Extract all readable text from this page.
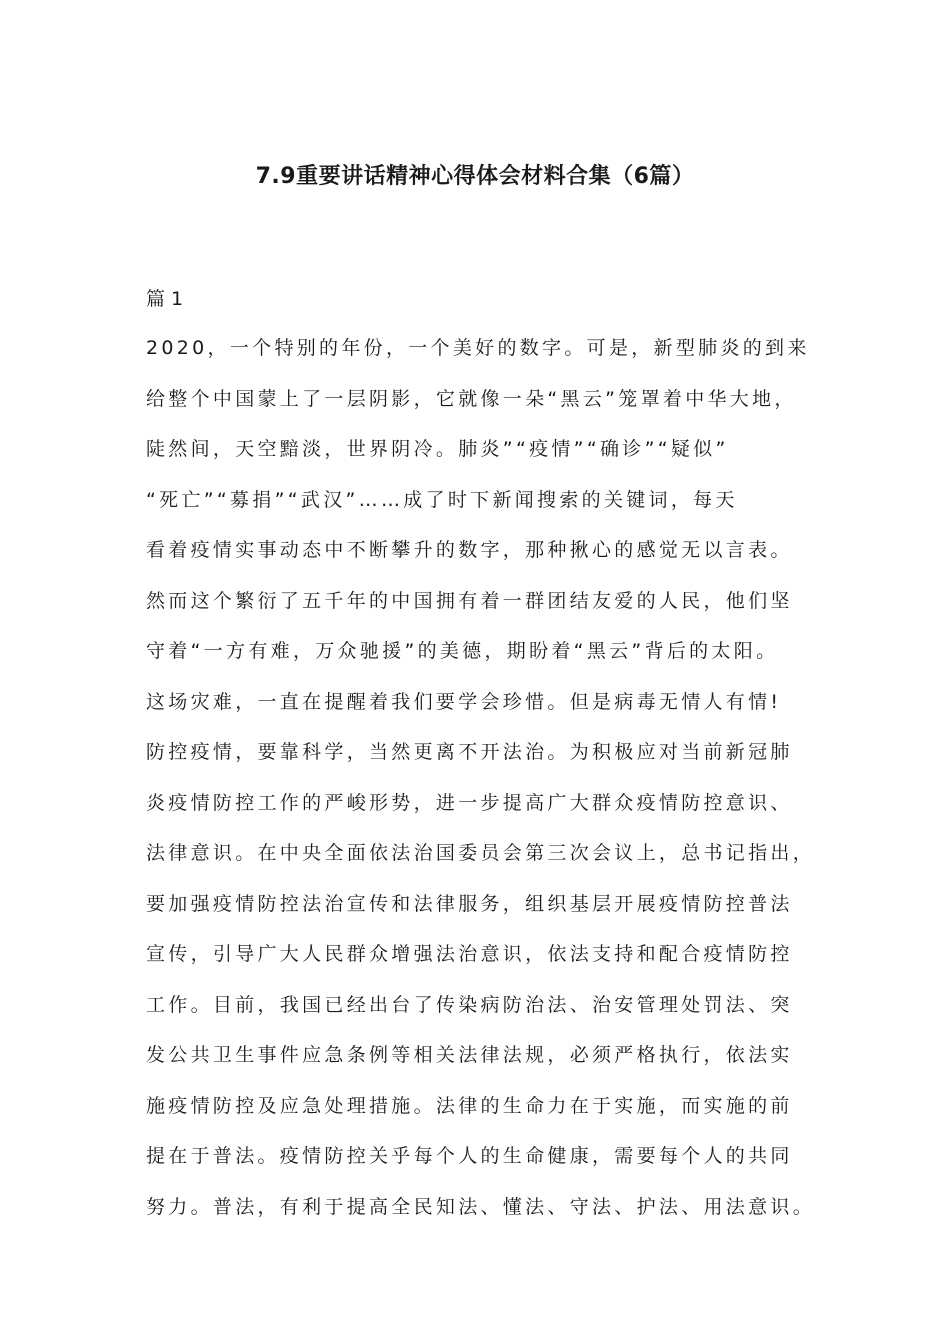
7.9重要讲话精神心得体会材料合集（6篇）
篇 1
2020，一个特别的年份，一个美好的数字。可是，新型肺炎的到来
给整个中国蒙上了一层阴影，它就像一朵“黑云”笼罩着中华大地，
陡然间，天空黯淡，世界阴冷。肺炎”“疫情”“确诊”“疑似”
“死亡”“募捐”“武汉”……成了时下新闻搜索的关键词，每天
看着疫情实事动态中不断攀升的数字，那种揪心的感觉无以言表。
然而这个繁衍了五千年的中国拥有着一群团结友爱的人民，他们坚
守着“一方有难，万众驰援”的美德，期盼着“黑云”背后的太阳。
这场灾难，一直在提醒着我们要学会珍惜。但是病毒无情人有情!
防控疫情，要靠科学，当然更离不开法治。为积极应对当前新冠肺
炎疫情防控工作的严峻形势，进一步提高广大群众疫情防控意识、
法律意识。在中央全面依法治国委员会第三次会议上，总书记指出，
要加强疫情防控法治宣传和法律服务，组织基层开展疫情防控普法
宣传，引导广大人民群众增强法治意识，依法支持和配合疫情防控
工作。目前，我国已经出台了传染病防治法、治安管理处罚法、突
发公共卫生事件应急条例等相关法律法规，必须严格执行，依法实
施疫情防控及应急处理措施。法律的生命力在于实施，而实施的前
提在于普法。疫情防控关乎每个人的生命健康，需要每个人的共同
努力。普法，有利于提高全民知法、懂法、守法、护法、用法意识。
